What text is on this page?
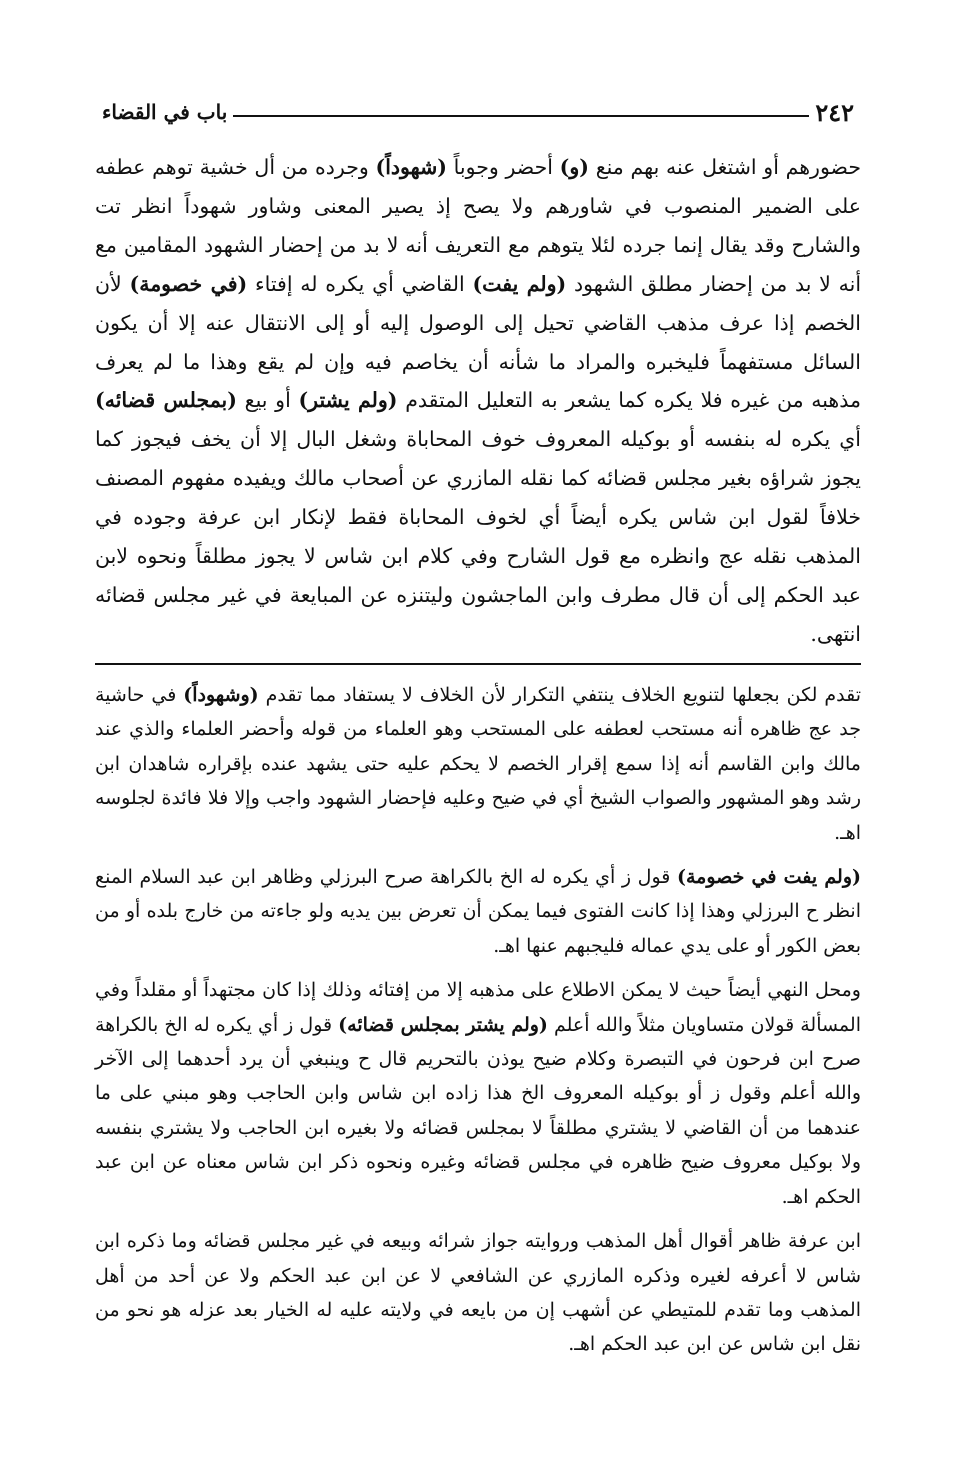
٢٤٢
باب في القضاء

حضورهم أو اشتغل عنه بهم منع (و) أحضر وجوباً (شهوداً) وجرده من أل خشية توهم عطفه على الضمير المنصوب في شاورهم ولا يصح إذ يصير المعنى وشاور شهوداً انظر تت والشارح وقد يقال إنما جرده لئلا يتوهم مع التعريف أنه لا بد من إحضار الشهود المقامين مع أنه لا بد من إحضار مطلق الشهود (ولم يفت) القاضي أي يكره له إفتاء (في خصومة) لأن الخصم إذا عرف مذهب القاضي تحيل إلى الوصول إليه أو إلى الانتقال عنه إلا أن يكون السائل مستفهماً فليخبره والمراد ما شأنه أن يخاصم فيه وإن لم يقع وهذا ما لم يعرف مذهبه من غيره فلا يكره كما يشعر به التعليل المتقدم (ولم يشتر) أو بيع (بمجلس قضائه) أي يكره له بنفسه أو بوكيله المعروف خوف المحاباة وشغل البال إلا أن يخف فيجوز كما يجوز شراؤه بغير مجلس قضائه كما نقله المازري عن أصحاب مالك ويفيده مفهوم المصنف خلافاً لقول ابن شاس يكره أيضاً أي لخوف المحاباة فقط لإنكار ابن عرفة وجوده في المذهب نقله عج وانظره مع قول الشارح وفي كلام ابن شاس لا يجوز مطلقاً ونحوه لابن عبد الحكم إلى أن قال مطرف وابن الماجشون وليتنزه عن المبايعة في غير مجلس قضائه انتهى.

تقدم لكن بجعلها لتنويع الخلاف ينتفي التكرار لأن الخلاف لا يستفاد مما تقدم (وشهوداً) في حاشية جد عج ظاهره أنه مستحب لعطفه على المستحب وهو العلماء من قوله وأحضر العلماء والذي عند مالك وابن القاسم أنه إذا سمع إقرار الخصم لا يحكم عليه حتى يشهد عنده بإقراره شاهدان ابن رشد وهو المشهور والصواب الشيخ أي في ضيح وعليه فإحضار الشهود واجب وإلا فلا فائدة لجلوسه اهـ.

(ولم يفت في خصومة) قول ز أي يكره له الخ بالكراهة صرح البرزلي وظاهر ابن عبد السلام المنع انظر ح البرزلي وهذا إذا كانت الفتوى فيما يمكن أن تعرض بين يديه ولو جاءته من خارج بلده أو من بعض الكور أو على يدي عماله فليجبهم عنها اهـ.

ومحل النهي أيضاً حيث لا يمكن الاطلاع على مذهبه إلا من إفتائه وذلك إذا كان مجتهداً أو مقلداً وفي المسألة قولان متساويان مثلاً والله أعلم (ولم يشتر بمجلس قضائه) قول ز أي يكره له الخ بالكراهة صرح ابن فرحون في التبصرة وكلام ضيح يوذن بالتحريم قال ح وينبغي أن يرد أحدهما إلى الآخر والله أعلم وقول ز أو بوكيله المعروف الخ هذا زاده ابن شاس وابن الحاجب وهو مبني على ما عندهما من أن القاضي لا يشتري مطلقاً لا بمجلس قضائه ولا بغيره ابن الحاجب ولا يشتري بنفسه ولا بوكيل معروف ضيح ظاهره في مجلس قضائه وغيره ونحوه ذكر ابن شاس معناه عن ابن عبد الحكم اهـ.

ابن عرفة ظاهر أقوال أهل المذهب وروايته جواز شرائه وبيعه في غير مجلس قضائه وما ذكره ابن شاس لا أعرفه لغيره وذكره المازري عن الشافعي لا عن ابن عبد الحكم ولا عن أحد من أهل المذهب وما تقدم للمتيطي عن أشهب إن من بايعه في ولايته عليه له الخيار بعد عزله هو نحو من نقل ابن شاس عن ابن عبد الحكم اهـ.
